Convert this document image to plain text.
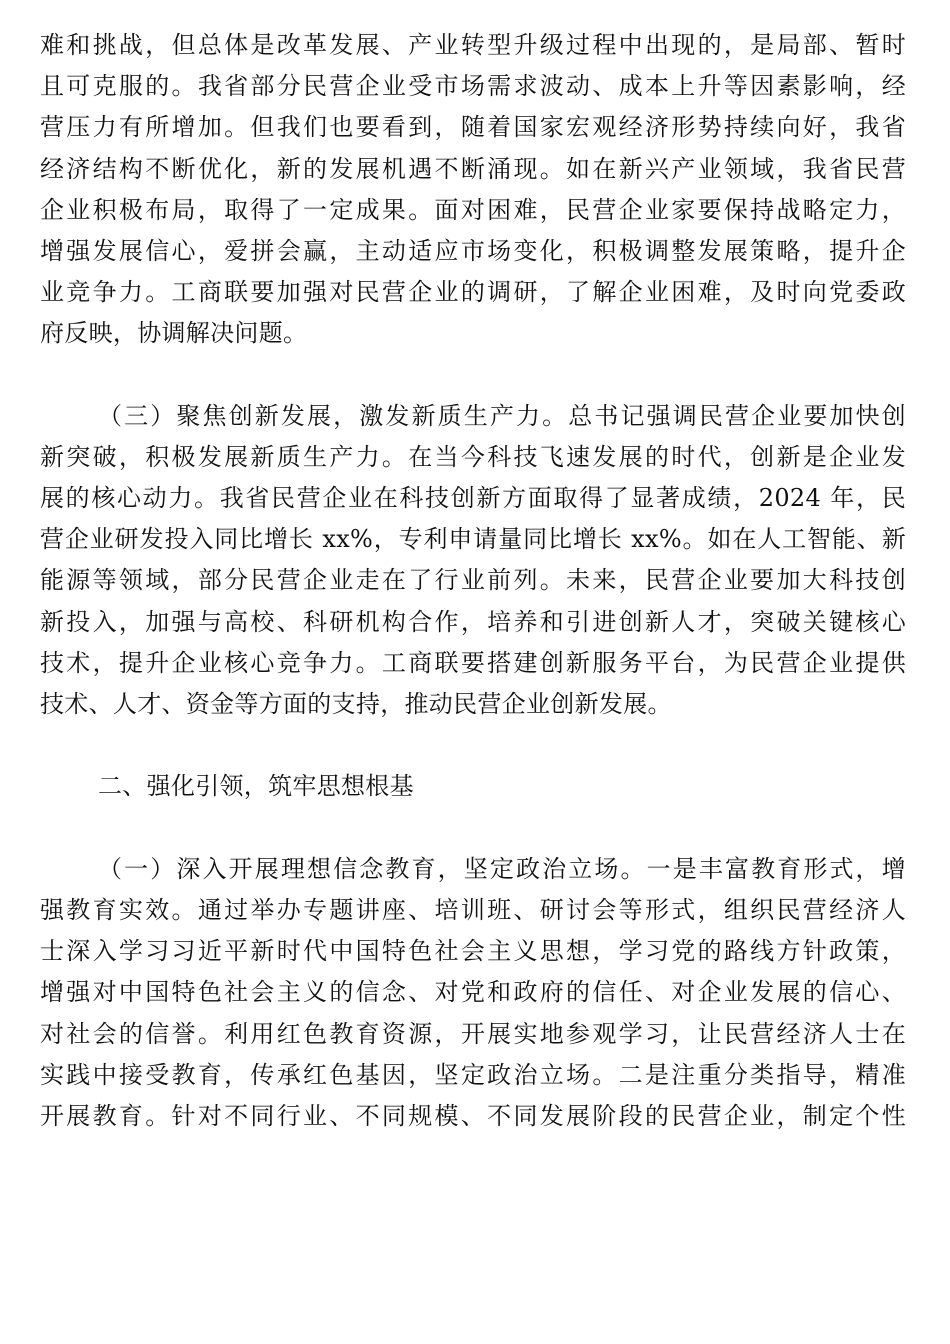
难和挑战，但总体是改革发展、产业转型升级过程中出现的，是局部、暂时

且可克服的。我省部分民营企业受市场需求波动、成本上升等因素影响，经

营压力有所增加。但我们也要看到，随着国家宏观经济形势持续向好，我省

经济结构不断优化，新的发展机遇不断涌现。如在新兴产业领域，我省民营

企业积极布局，取得了一定成果。面对困难，民营企业家要保持战略定力，

增强发展信心，爱拼会赢，主动适应市场变化，积极调整发展策略，提升企

业竞争力。工商联要加强对民营企业的调研，了解企业困难，及时向党委政

府反映，协调解决问题。

（三）聚焦创新发展，激发新质生产力。总书记强调民营企业要加快创

新突破，积极发展新质生产力。在当今科技飞速发展的时代，创新是企业发

展的核心动力。我省民营企业在科技创新方面取得了显著成绩，2024 年，民

营企业研发投入同比增长 xx%，专利申请量同比增长 xx%。如在人工智能、新

能源等领域，部分民营企业走在了行业前列。未来，民营企业要加大科技创

新投入，加强与高校、科研机构合作，培养和引进创新人才，突破关键核心

技术，提升企业核心竞争力。工商联要搭建创新服务平台，为民营企业提供

技术、人才、资金等方面的支持，推动民营企业创新发展。

二、强化引领，筑牢思想根基

（一）深入开展理想信念教育，坚定政治立场。一是丰富教育形式，增

强教育实效。通过举办专题讲座、培训班、研讨会等形式，组织民营经济人

士深入学习习近平新时代中国特色社会主义思想，学习党的路线方针政策，

增强对中国特色社会主义的信念、对党和政府的信任、对企业发展的信心、

对社会的信誉。利用红色教育资源，开展实地参观学习，让民营经济人士在

实践中接受教育，传承红色基因，坚定政治立场。二是注重分类指导，精准

开展教育。针对不同行业、不同规模、不同发展阶段的民营企业，制定个性
